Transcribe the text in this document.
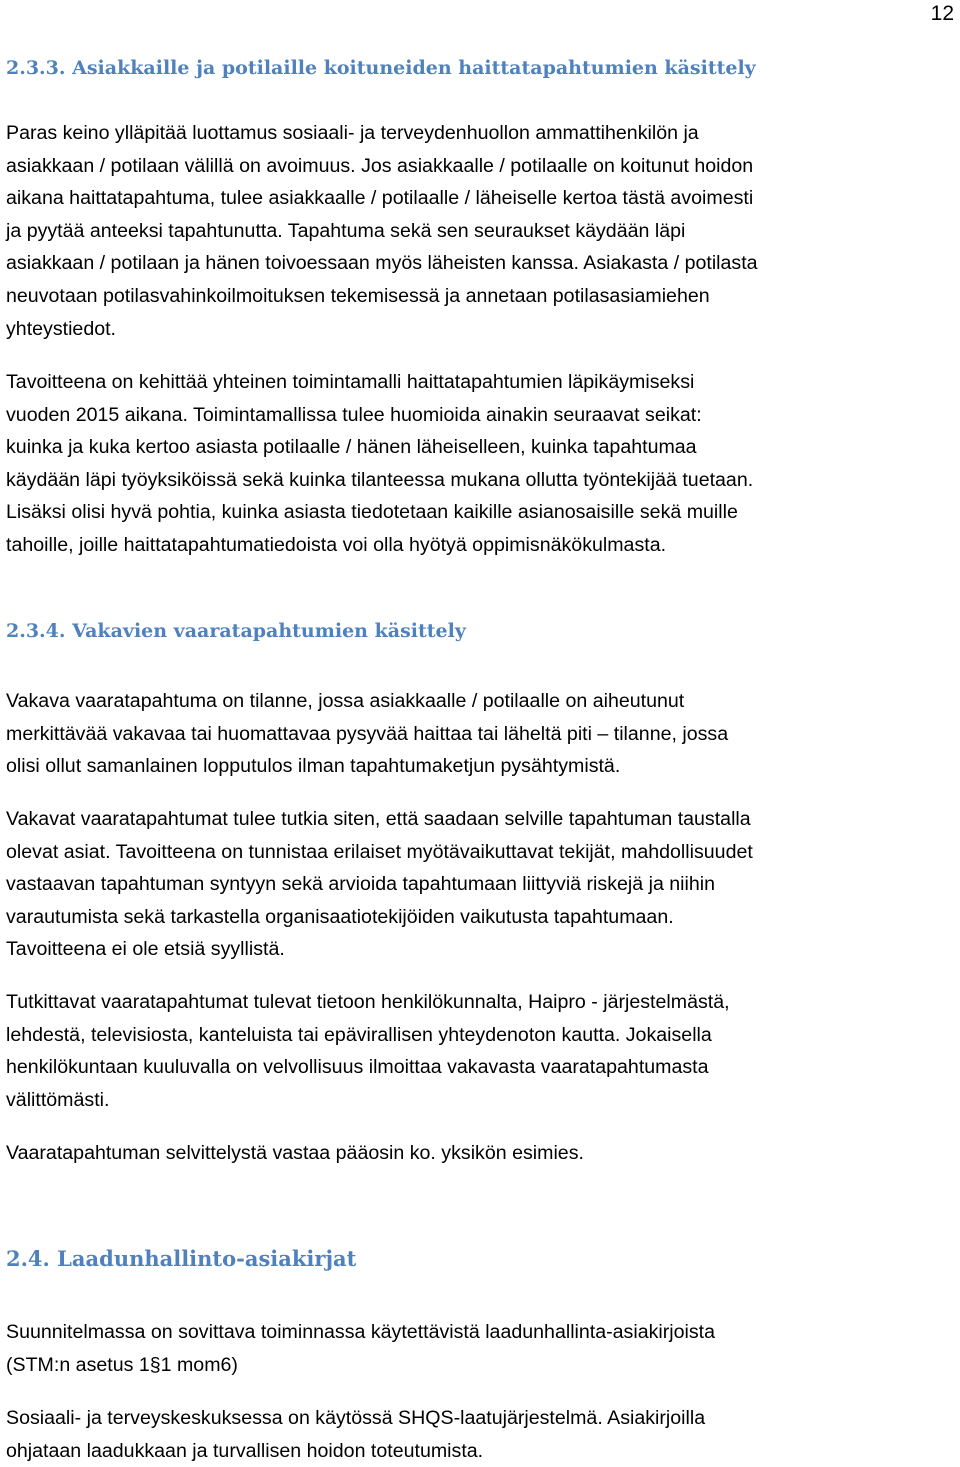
12
2.3.3. Asiakkaille ja potilaille koituneiden haittatapahtumien käsittely
Paras keino ylläpitää luottamus sosiaali- ja terveydenhuollon ammattihenkilön ja
asiakkaan / potilaan välillä on avoimuus. Jos asiakkaalle / potilaalle on koitunut hoidon
aikana haittatapahtuma, tulee asiakkaalle / potilaalle / läheiselle kertoa tästä avoimesti
ja pyytää anteeksi tapahtunutta. Tapahtuma sekä sen seuraukset käydään läpi
asiakkaan / potilaan ja hänen toivoessaan myös läheisten kanssa. Asiakasta / potilasta
neuvotaan potilasvahinkoilmoituksen tekemisessä ja annetaan potilasasiamiehen
yhteystiedot.
Tavoitteena on kehittää yhteinen toimintamalli haittatapahtumien läpikäymiseksi
vuoden 2015 aikana. Toimintamallissa tulee huomioida ainakin seuraavat seikat:
kuinka ja kuka kertoo asiasta potilaalle / hänen läheiselleen, kuinka tapahtumaa
käydään läpi työyksiköissä sekä kuinka tilanteessa mukana ollutta työntekijää tuetaan.
Lisäksi olisi hyvä pohtia, kuinka asiasta tiedotetaan kaikille asianosaisille sekä muille
tahoille, joille haittatapahtumatiedoista voi olla hyötyä oppimisnäkökulmasta.
2.3.4. Vakavien vaaratapahtumien käsittely
Vakava vaaratapahtuma on tilanne, jossa asiakkaalle / potilaalle on aiheutunut
merkittävää vakavaa tai huomattavaa pysyvää haittaa tai läheltä piti – tilanne, jossa
olisi ollut samanlainen lopputulos ilman tapahtumaketjun pysähtymistä.
Vakavat vaaratapahtumat tulee tutkia siten, että saadaan selville tapahtuman taustalla
olevat asiat. Tavoitteena on tunnistaa erilaiset myötävaikuttavat tekijät, mahdollisuudet
vastaavan tapahtuman syntyyn sekä arvioida tapahtumaan liittyviä riskejä ja niihin
varautumista sekä tarkastella organisaatiotekijöiden vaikutusta tapahtumaan.
Tavoitteena ei ole etsiä syyllistä.
Tutkittavat vaaratapahtumat tulevat tietoon henkilökunnalta, Haipro - järjestelmästä,
lehdestä, televisiosta, kanteluista tai epävirallisen yhteydenoton kautta. Jokaisella
henkilökuntaan kuuluvalla on velvollisuus ilmoittaa vakavasta vaaratapahtumasta
välittömästi.
Vaaratapahtuman selvittelystä vastaa pääosin ko. yksikön esimies.
2.4. Laadunhallinto-asiakirjat
Suunnitelmassa on sovittava toiminnassa käytettävistä laadunhallinta-asiakirjoista
(STM:n asetus 1§1 mom6)
Sosiaali- ja terveyskeskuksessa on käytössä SHQS-laatujärjestelmä. Asiakirjoilla
ohjataan laadukkaan ja turvallisen hoidon toteutumista.
